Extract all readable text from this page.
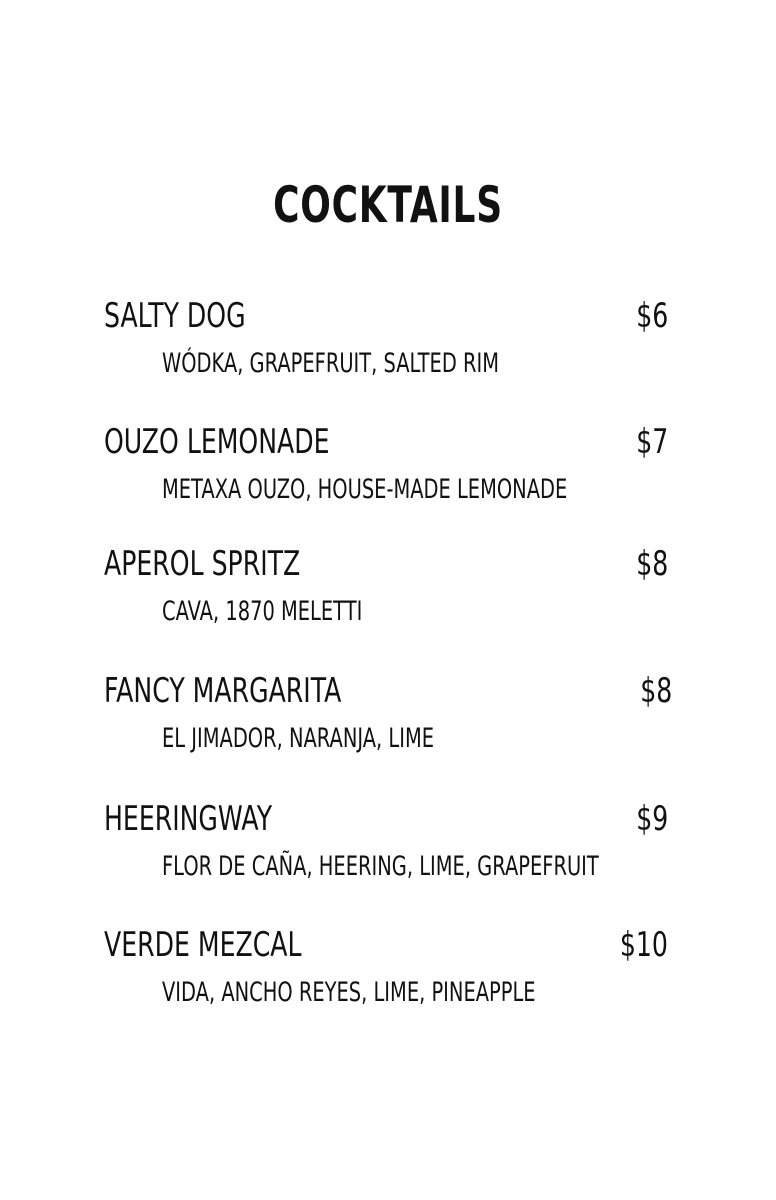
COCKTAILS
SALTY DOG	$6
WÓDKA, GRAPEFRUIT, SALTED RIM
OUZO LEMONADE	$7
METAXA OUZO, HOUSE-MADE LEMONADE
APEROL SPRITZ	$8
CAVA, 1870 MELETTI
FANCY MARGARITA	$8
EL JIMADOR, NARANJA, LIME
HEERINGWAY	$9
FLOR DE CAÑA, HEERING, LIME, GRAPEFRUIT
VERDE MEZCAL	$10
VIDA, ANCHO REYES, LIME, PINEAPPLE
